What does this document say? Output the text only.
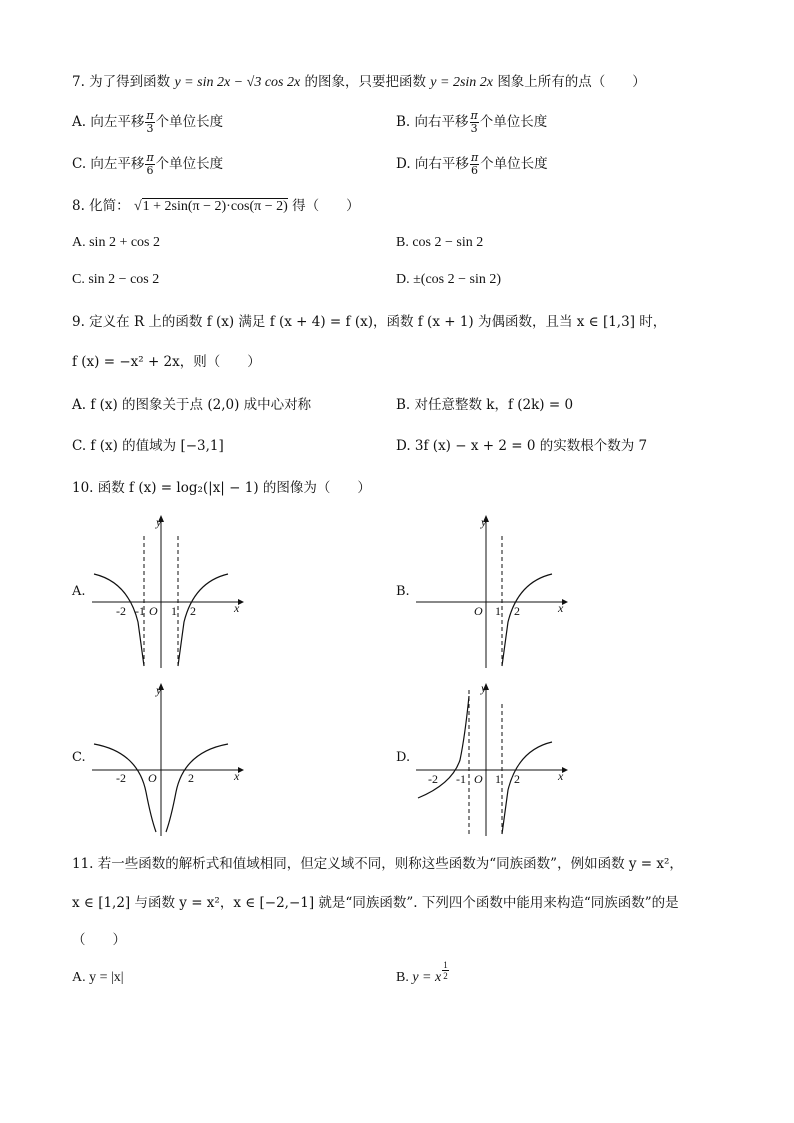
7. 为了得到函数 y = sin 2x − √3 cos 2x 的图象，只要把函数 y = 2sin 2x 图象上所有的点（　　）
A. 向左平移 $\frac{\pi}{3}$ 个单位长度	B. 向右平移 $\frac{\pi}{3}$ 个单位长度
C. 向左平移 $\frac{\pi}{6}$ 个单位长度	D. 向右平移 $\frac{\pi}{6}$ 个单位长度
8. 化简： √1 + 2sin(π − 2)·cos(π − 2) 得（　　）
A. sin 2 + cos 2	B. cos 2 − sin 2
C. sin 2 − cos 2	D. ±(cos 2 − sin 2)
9. 定义在 R 上的函数 f (x) 满足 f (x + 4) = f (x)，函数 f (x + 1) 为偶函数，且当 x ∈ [1,3] 时，
f (x) = −x² + 2x，则（　　）
A. f (x) 的图象关于点 (2,0) 成中心对称	B. 对任意整数 k，f (2k) = 0
C. f (x) 的值域为 [−3,1]	D. 3f (x) − x + 2 = 0 的实数根个数为 7
10. 函数 f (x) = log₂(|x| − 1) 的图像为（　　）
A.	B.
C.	D.
y
x
O
-2 -1 1 2
y
x
O 1 2
y
x
O
-2	2
y
x
O
-2 -1 1 2
11. 若一些函数的解析式和值域相同，但定义域不同，则称这些函数为“同族函数”，例如函数 y = x²，
x ∈ [1,2] 与函数 y = x²，x ∈ [−2,−1] 就是“同族函数”. 下列四个函数中能用来构造“同族函数”的是
（　　）
A. y = |x|	B. y = x $\frac{1}{2}$
